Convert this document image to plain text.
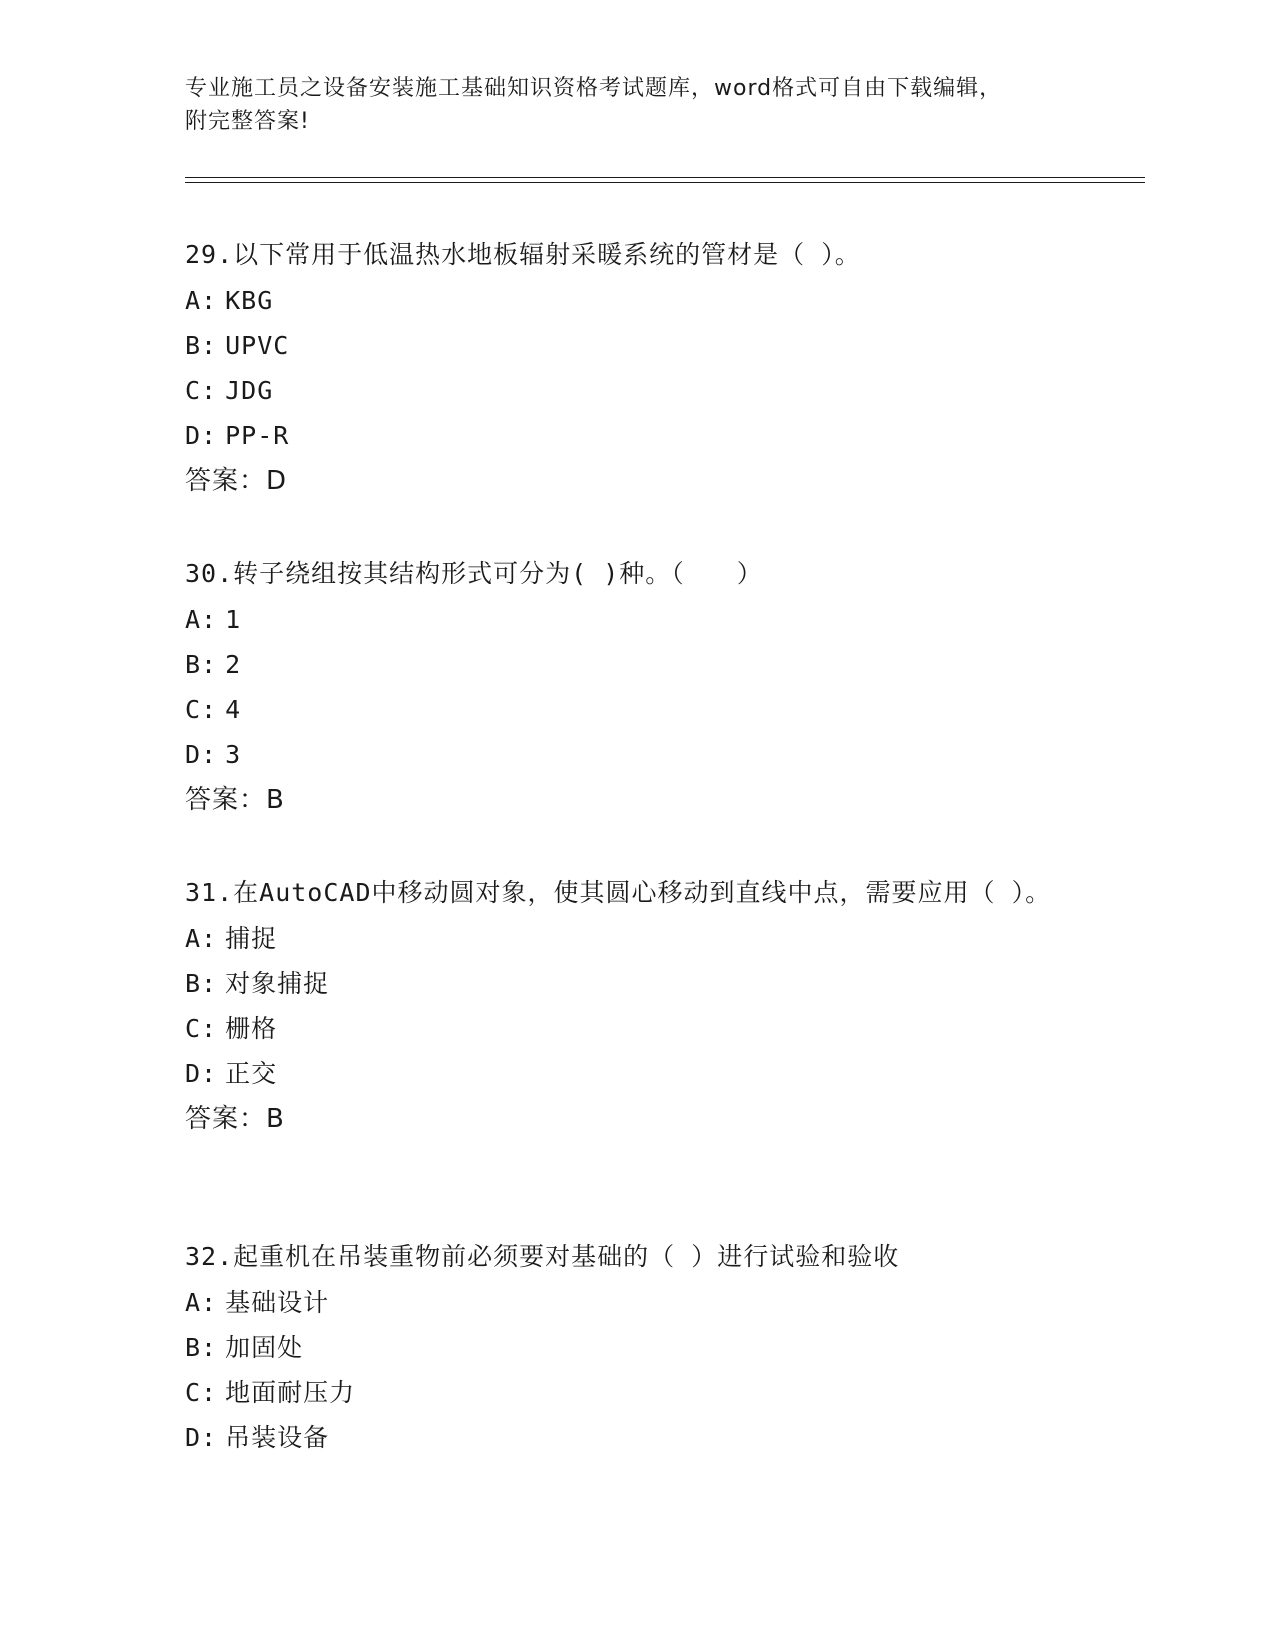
专业施工员之设备安装施工基础知识资格考试题库，word格式可自由下载编辑，
附完整答案!
29.以下常用于低温热水地板辐射采暖系统的管材是（ ）。
A: KBG
B: UPVC
C: JDG
D: PP-R
答案：D
30.转子绕组按其结构形式可分为( )种。（　　）
A: 1
B: 2
C: 4
D: 3
答案：B
31.在AutoCAD中移动圆对象，使其圆心移动到直线中点，需要应用（ ）。
A: 捕捉
B: 对象捕捉
C: 栅格
D: 正交
答案：B
32.起重机在吊装重物前必须要对基础的（ ）进行试验和验收
A: 基础设计
B: 加固处
C: 地面耐压力
D: 吊装设备
